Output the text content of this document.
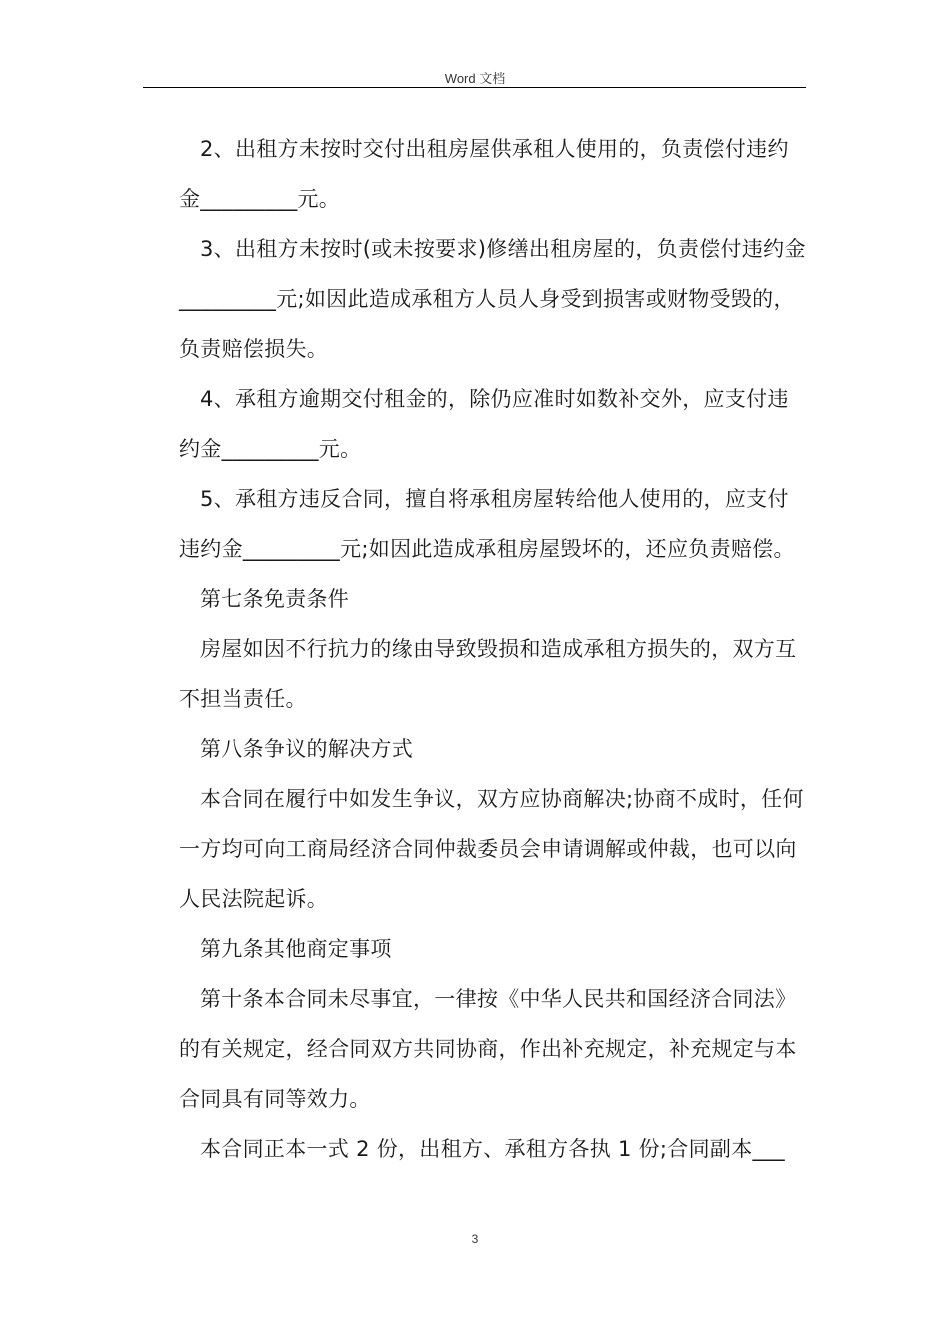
Word 文档

2、出租方未按时交付出租房屋供承租人使用的，负责偿付违约金_________元。

3、出租方未按时(或未按要求)修缮出租房屋的，负责偿付违约金_________元;如因此造成承租方人员人身受到损害或财物受毁的，负责赔偿损失。

4、承租方逾期交付租金的，除仍应准时如数补交外，应支付违约金_________元。

5、承租方违反合同，擅自将承租房屋转给他人使用的，应支付违约金_________元;如因此造成承租房屋毁坏的，还应负责赔偿。

第七条免责条件

房屋如因不行抗力的缘由导致毁损和造成承租方损失的，双方互不担当责任。

第八条争议的解决方式

本合同在履行中如发生争议，双方应协商解决;协商不成时，任何一方均可向工商局经济合同仲裁委员会申请调解或仲裁，也可以向人民法院起诉。

第九条其他商定事项

第十条本合同未尽事宜，一律按《中华人民共和国经济合同法》的有关规定，经合同双方共同协商，作出补充规定，补充规定与本合同具有同等效力。

本合同正本一式 2 份，出租方、承租方各执 1 份;合同副本___

3
